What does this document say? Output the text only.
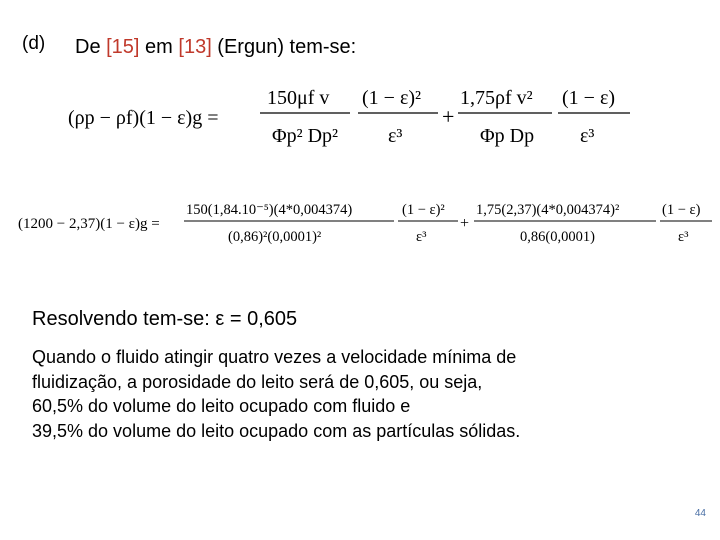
(d) De [15] em [13] (Ergun) tem-se:
(ρp − ρf)(1 − ε)g =
150μf v
Φp² Dp²
(1 − ε)²
ε³
+
1,75ρf v²
Φp Dp
(1 − ε)
ε³
(1200 − 2,37)(1 − ε)g =
150(1,84.10⁻⁵)(4*0,004374)
(0,86)²(0,0001)²
(1 − ε)²
ε³
+
1,75(2,37)(4*0,004374)²
0,86(0,0001)
(1 − ε)
ε³
Resolvendo tem-se: ε = 0,605
Quando o fluido atingir quatro vezes a velocidade mínima de
fluidização, a porosidade do leito será de 0,605, ou seja,
60,5% do volume do leito ocupado com fluido e
39,5% do volume do leito ocupado com as partículas sólidas.
44
